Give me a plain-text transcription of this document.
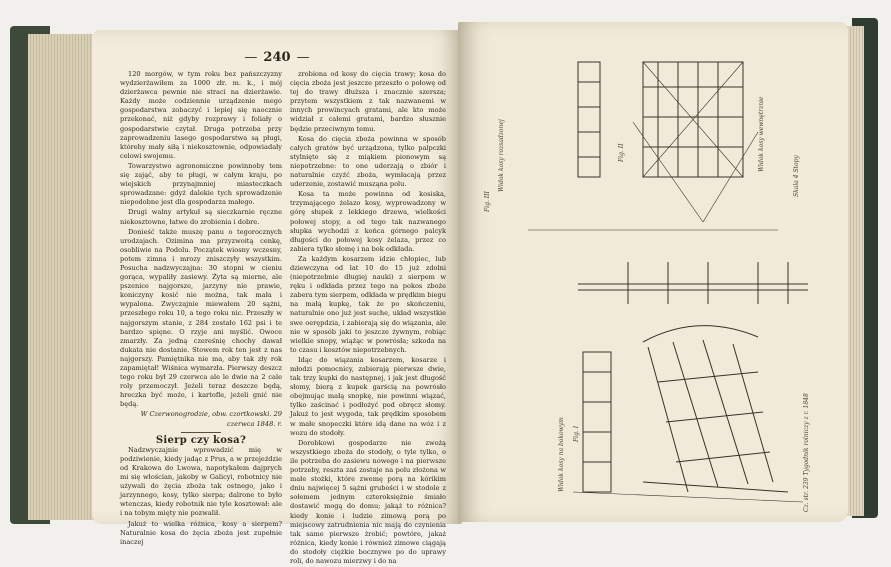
— 240 —

120 morgów, w tym roku bez pańszczyzny wydzierżawiłem za 1000 złr. m. k., i mój dzierżawca pewnie nie straci na dzierżawie. Każdy może codziennie urządzenie mego gospodarstwa zobaczyć i lepiej się naocznie przekonać, niż gdyby rozprawy i foliały o gospodarstwie czytał. Druga potrzeba przy zaprowadzeniu lasego gospodarstwa są pługi, którehy mały siłą i niekosztownie, odpowiadały celowi swojemu.

Towarzystwo agronomiczne powinnoby tem się zająć, aby te pługi, w całym kraju, po wiejskich przynajmniej miasteczkach sprowadzane: gdyż dalekie tych sprowadzenie niepodobne jest dla gospodarza małego.

Drugi walny artykuł są sieczkarnie ręczne niekosztowne, łatwe do zrobienia i dobre.

Donieść także muszę panu o tegorocznych urodzajach. Ozimina ma przyzwoitą cenkę, osobliwie na Podolu. Początek wiosny wczesny, potem zimna i mrozy zniszczyły wszystkim. Posucha nadzwyczajna: 30 stopni w cieniu gorąca, wypaliły zasiewy. Żyta są mierne, ale pszenice najgorsze, jarzyny nie prawie, koniczyny kosić nie można, tak mała i wypalona. Zwyczajnie miewałem 20 sążni, przeszłego roku 10, a tego roku nic. Przeszły w najgorszym stanie, z 284 zostało 162 psi i te bardzo spięne. O rzyje ani myślić. Owoce zmarzły. Za jedną czereśnię chochy dawał dukata nie dostanie. Stowem rok ten jest z nas najgorszy. Pamiętnika nie ma, aby tak zły rok zapamiętał! Wiśnica wymarzła. Pierwszy deszcz tego roku był 29 czerwca ale le dwie na 2 cale roly przemoczył. Jeżeli teraz deszcze będą, hreczka być może, i kartofle, jeżeli gnić nie będą.

W Czerwonogrodzie, obw. czortkowski. 29 czerwca 1848. r.

Sierp czy kosa?

Nadzwyczajnie wprowadzić mię w podziwienie, kiedy jadąc z Prus, a w przejeździe od Krakowa do Lwowa, napotykałem dajprych mi się włościan, jakoby w Galicyi, robotnicy nie używali do żęcia zboża tak ostnego, jako i jarzynnego, kosy, tylko sierpa; dalrone to było wtenczas, kiedy robotnik nie tyle kosztował: ale i na tobym mięty nie pozwalił.

Jakuż to wielka różnica, kosy a sierpem? Naturalnie kosa do żęcia zboża jest zupełnie inaczej

zrobiona od kosy do cięcia trawy; kosa do cięcia zboża jest jeszcze przeszło o połowę od tej do trawy dłuższa i znacznie szersza; przytem wszystkiem z tak nazwanemi w innych prowincyach gratami, ale kto może widział z całemi gratami, bardzo słusznie będzie przeciwnym temu.

Kosa do cięcia zboża powinna w sposób całych gratów być urządzona, tylko palpczki stylnięte się z miąkiem pionowym są niepotrzebne: to one uderzają o zbiór i naturalnie czyżć zboża, wymłacają przez uderzenie, zostawić musząna polu.

Kosa ta może powinna od kosiska, trzymającego żelazo kosy, wyprowadzony w górę słupek z lekkiego drzewa, wielkości połowej stopy, a od tego tak nazwanego słupka wychodzi z końca górnego palcyk długości do połowej kosy żelaza, przez co zabiera tylko słomę i na bok odkłada.

Za każdym kosarzem idzie chłopiec, lub dziewczyna od lat 10 do 15 już zdolni (niepotrzebnie długiej nauki) z sierpem w ręku i odkłada przez tego na pokos zboże zabera tym sierpem, odkłada w prędkim biegu na małą kupkę, tak że po skończeniu, naturalnie ono już jest suche, układ wszystkie swe oerępdzia, i zabierają się do wiązania, ale nie w sposób jaki to jeszcze żywnym, robiąc wielkie snopy, wiążąc w powrósła; szkoda na to czasu i kosztów niepotrzebnych.

Idąc do wiązania kosarzem, kosarze i młodzi pomocnicy, zabierają pierwsze dwie, tak trzy kupki do następnej, i jak jest długość słomy, bierą z kupek garścią na powrósło obejmując małą snopkę, nie powinni wiązać, tylko zaścinać i podłożyć pod obręcz słomy. Jakuż to jest wygoda, tak prędkim sposobem w małe snopeczki które idą dane na wóz i z wozu do stodoły.

Dorobkowi gospodarze nie zwożą wszystkiego zboża do stodoły, o tyle tylko, o ile potrzeba do zasiewu nowego i na pierwsze potrzeby, reszta zaś zostaje na polu złożona w małe stożki, które zwemę porą na kórikim dniu najwięcej 5 sążni grubości i w stodole z sołemem jednym czteroksiężnie śmiało dostawić mogą do domu; jakąż to różnica? kiedy konie i ludzie zimową porą po miejscowy zatrudnienia nic mają do czynienia tak same pierwsze żrobić; powtóre, jakaż różnica, kiedy konie i również zimowe ciągają do stodoły ciężkie bocznywe po do uprawy roli, do nawozu mierzwy i do na

Widok kosy rozsadzonej
Fig. III
Fig. II	Widok kosy wewnętrznie
Widok kosy na bokowym Fig. I	Cz. str. 239 Tygodnik rolniczy z r. 1848
Skala 4 Stopy
